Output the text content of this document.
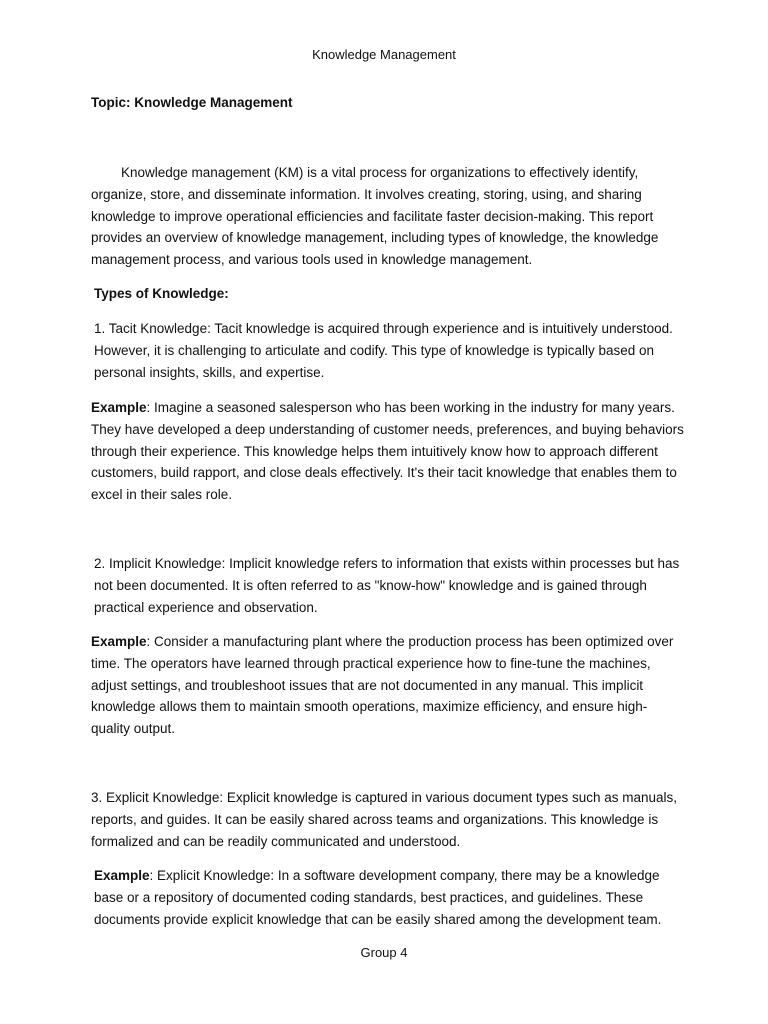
Knowledge Management
Topic: Knowledge Management
Knowledge management (KM) is a vital process for organizations to effectively identify, organize, store, and disseminate information. It involves creating, storing, using, and sharing knowledge to improve operational efficiencies and facilitate faster decision-making. This report provides an overview of knowledge management, including types of knowledge, the knowledge management process, and various tools used in knowledge management.
Types of Knowledge:
1. Tacit Knowledge: Tacit knowledge is acquired through experience and is intuitively understood. However, it is challenging to articulate and codify. This type of knowledge is typically based on personal insights, skills, and expertise.
Example: Imagine a seasoned salesperson who has been working in the industry for many years. They have developed a deep understanding of customer needs, preferences, and buying behaviors through their experience. This knowledge helps them intuitively know how to approach different customers, build rapport, and close deals effectively. It's their tacit knowledge that enables them to excel in their sales role.
2. Implicit Knowledge: Implicit knowledge refers to information that exists within processes but has not been documented. It is often referred to as "know-how" knowledge and is gained through practical experience and observation.
Example: Consider a manufacturing plant where the production process has been optimized over time. The operators have learned through practical experience how to fine-tune the machines, adjust settings, and troubleshoot issues that are not documented in any manual. This implicit knowledge allows them to maintain smooth operations, maximize efficiency, and ensure high-quality output.
3. Explicit Knowledge: Explicit knowledge is captured in various document types such as manuals, reports, and guides. It can be easily shared across teams and organizations. This knowledge is formalized and can be readily communicated and understood.
Example: Explicit Knowledge: In a software development company, there may be a knowledge base or a repository of documented coding standards, best practices, and guidelines. These documents provide explicit knowledge that can be easily shared among the development team.
Group 4
